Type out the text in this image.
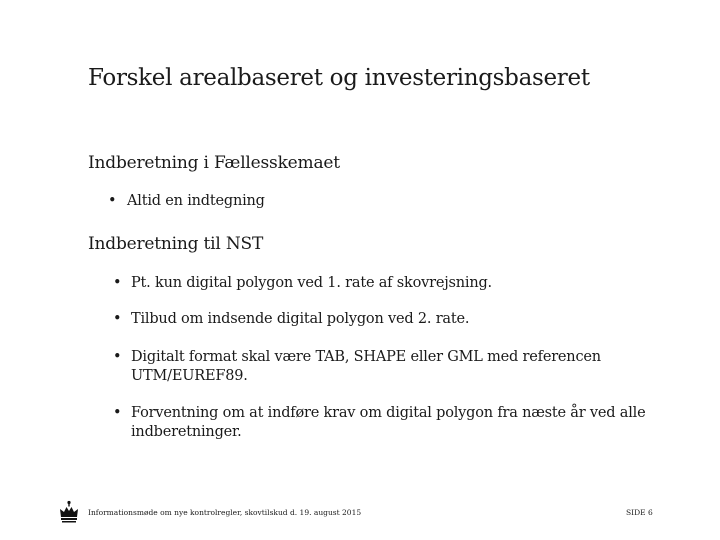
Forskel arealbaseret og investeringsbaseret
Indberetning i Fællesskemaet
• Altid en indtegning
Indberetning til NST
• Pt. kun digital polygon ved 1. rate af skovrejsning.
• Tilbud om indsende digital polygon ved 2. rate.
• Digitalt format skal være TAB, SHAPE eller GML med referencen UTM/EUREF89.
• Forventning om at indføre krav om digital polygon fra næste år ved alle indberetninger.
Informationsmøde om nye kontrolregler, skovtilskud d. 19. august 2015	SIDE 6
